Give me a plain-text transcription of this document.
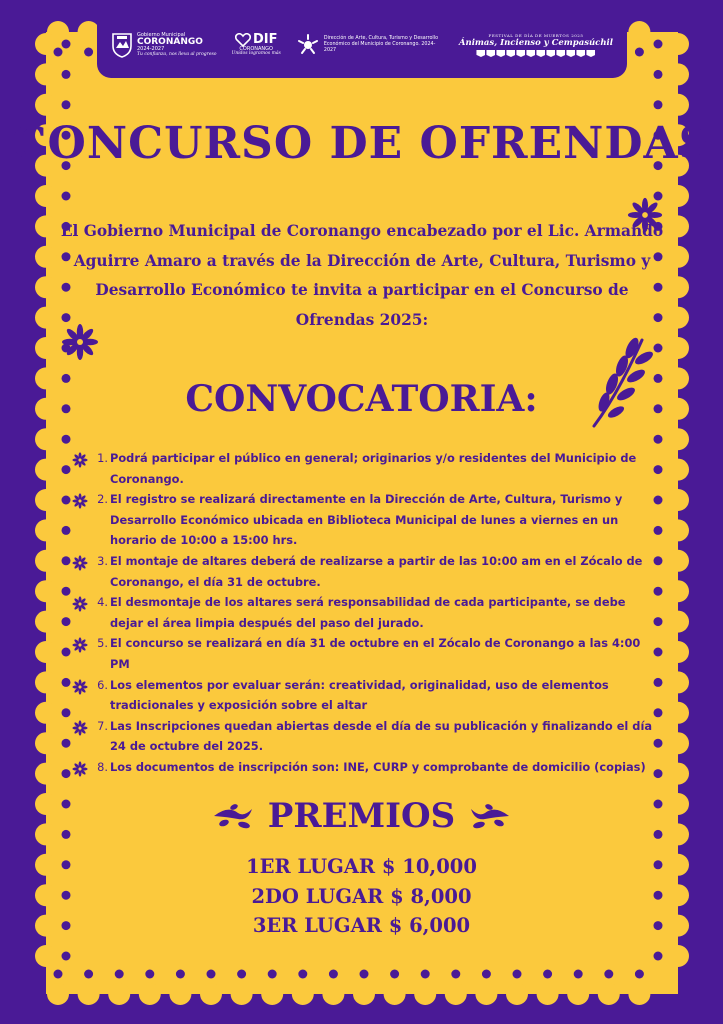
Gobierno Municipal
CORONANGO
2024-2027
Tu confianza, nos lleva al progreso
DIF
CORONANGO
Unidos logramos más
Dirección de Arte, Cultura, Turismo y Desarrollo Económico del Municipio de Coronango. 2024-2027
FESTIVAL DE DÍA DE MUERTOS 2025
Ánimas, Incienso y Cempasúchil
CONCURSO DE OFRENDAS
El Gobierno Municipal de Coronango encabezado por el Lic. Armando Aguirre Amaro a través de la Dirección de Arte, Cultura, Turismo y Desarrollo Económico te invita a participar en el Concurso de Ofrendas 2025:
CONVOCATORIA:
1. Podrá participar el público en general; originarios y/o residentes del Municipio de Coronango.
2. El registro se realizará directamente en la Dirección de Arte, Cultura, Turismo y Desarrollo Económico ubicada en Biblioteca Municipal de lunes a viernes en un horario de 10:00 a 15:00 hrs.
3. El montaje de altares deberá de realizarse a partir de las 10:00 am en el Zócalo de Coronango, el día 31 de octubre.
4. El desmontaje de los altares será responsabilidad de cada participante, se debe dejar el área limpia después del paso del jurado.
5. El concurso se realizará en día 31 de octubre en el Zócalo de Coronango a las 4:00 PM
6. Los elementos por evaluar serán: creatividad, originalidad, uso de elementos tradicionales y exposición sobre el altar
7. Las Inscripciones quedan abiertas desde el día de su publicación y finalizando el día 24 de octubre del 2025.
8. Los documentos de inscripción son: INE, CURP y comprobante de domicilio (copias)
PREMIOS
1ER LUGAR $ 10,000
2DO LUGAR $ 8,000
3ER LUGAR $ 6,000
